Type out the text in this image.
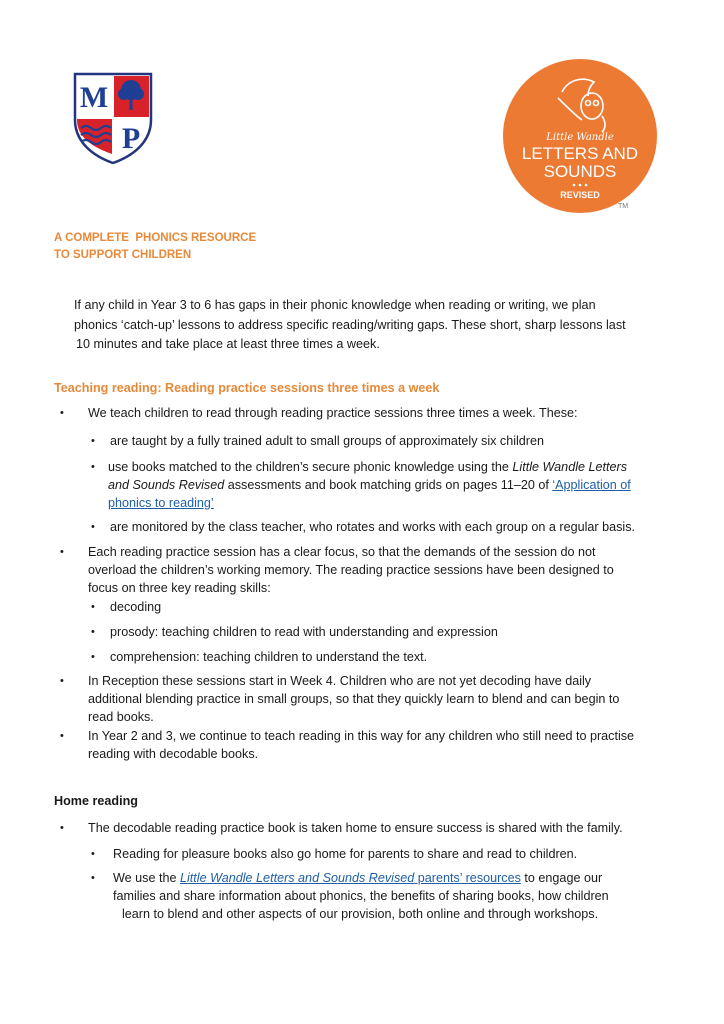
M
P	Little Wandle
LETTERS AND
SOUNDS
REVISED
TM
A COMPLETE  PHONICS RESOURCE
TO SUPPORT CHILDREN
If any child in Year 3 to 6 has gaps in their phonic knowledge when reading or writing, we plan
phonics ‘catch-up’ lessons to address specific reading/writing gaps. These short, sharp lessons last
10 minutes and take place at least three times a week.
Teaching reading: Reading practice sessions three times a week
• We teach children to read through reading practice sessions three times a week. These:
• are taught by a fully trained adult to small groups of approximately six children
• use books matched to the children’s secure phonic knowledge using the Little Wandle Letters
and Sounds Revised assessments and book matching grids on pages 11–20 of ‘Application of
phonics to reading’
• are monitored by the class teacher, who rotates and works with each group on a regular basis.
• Each reading practice session has a clear focus, so that the demands of the session do not
overload the children’s working memory. The reading practice sessions have been designed to
focus on three key reading skills:
• decoding
• prosody: teaching children to read with understanding and expression
• comprehension: teaching children to understand the text.
• In Reception these sessions start in Week 4. Children who are not yet decoding have daily
additional blending practice in small groups, so that they quickly learn to blend and can begin to
read books.
• In Year 2 and 3, we continue to teach reading in this way for any children who still need to practise
reading with decodable books.
Home reading
• The decodable reading practice book is taken home to ensure success is shared with the family.
• Reading for pleasure books also go home for parents to share and read to children.
• We use the Little Wandle Letters and Sounds Revised parents’ resources to engage our
families and share information about phonics, the benefits of sharing books, how children
learn to blend and other aspects of our provision, both online and through workshops.
